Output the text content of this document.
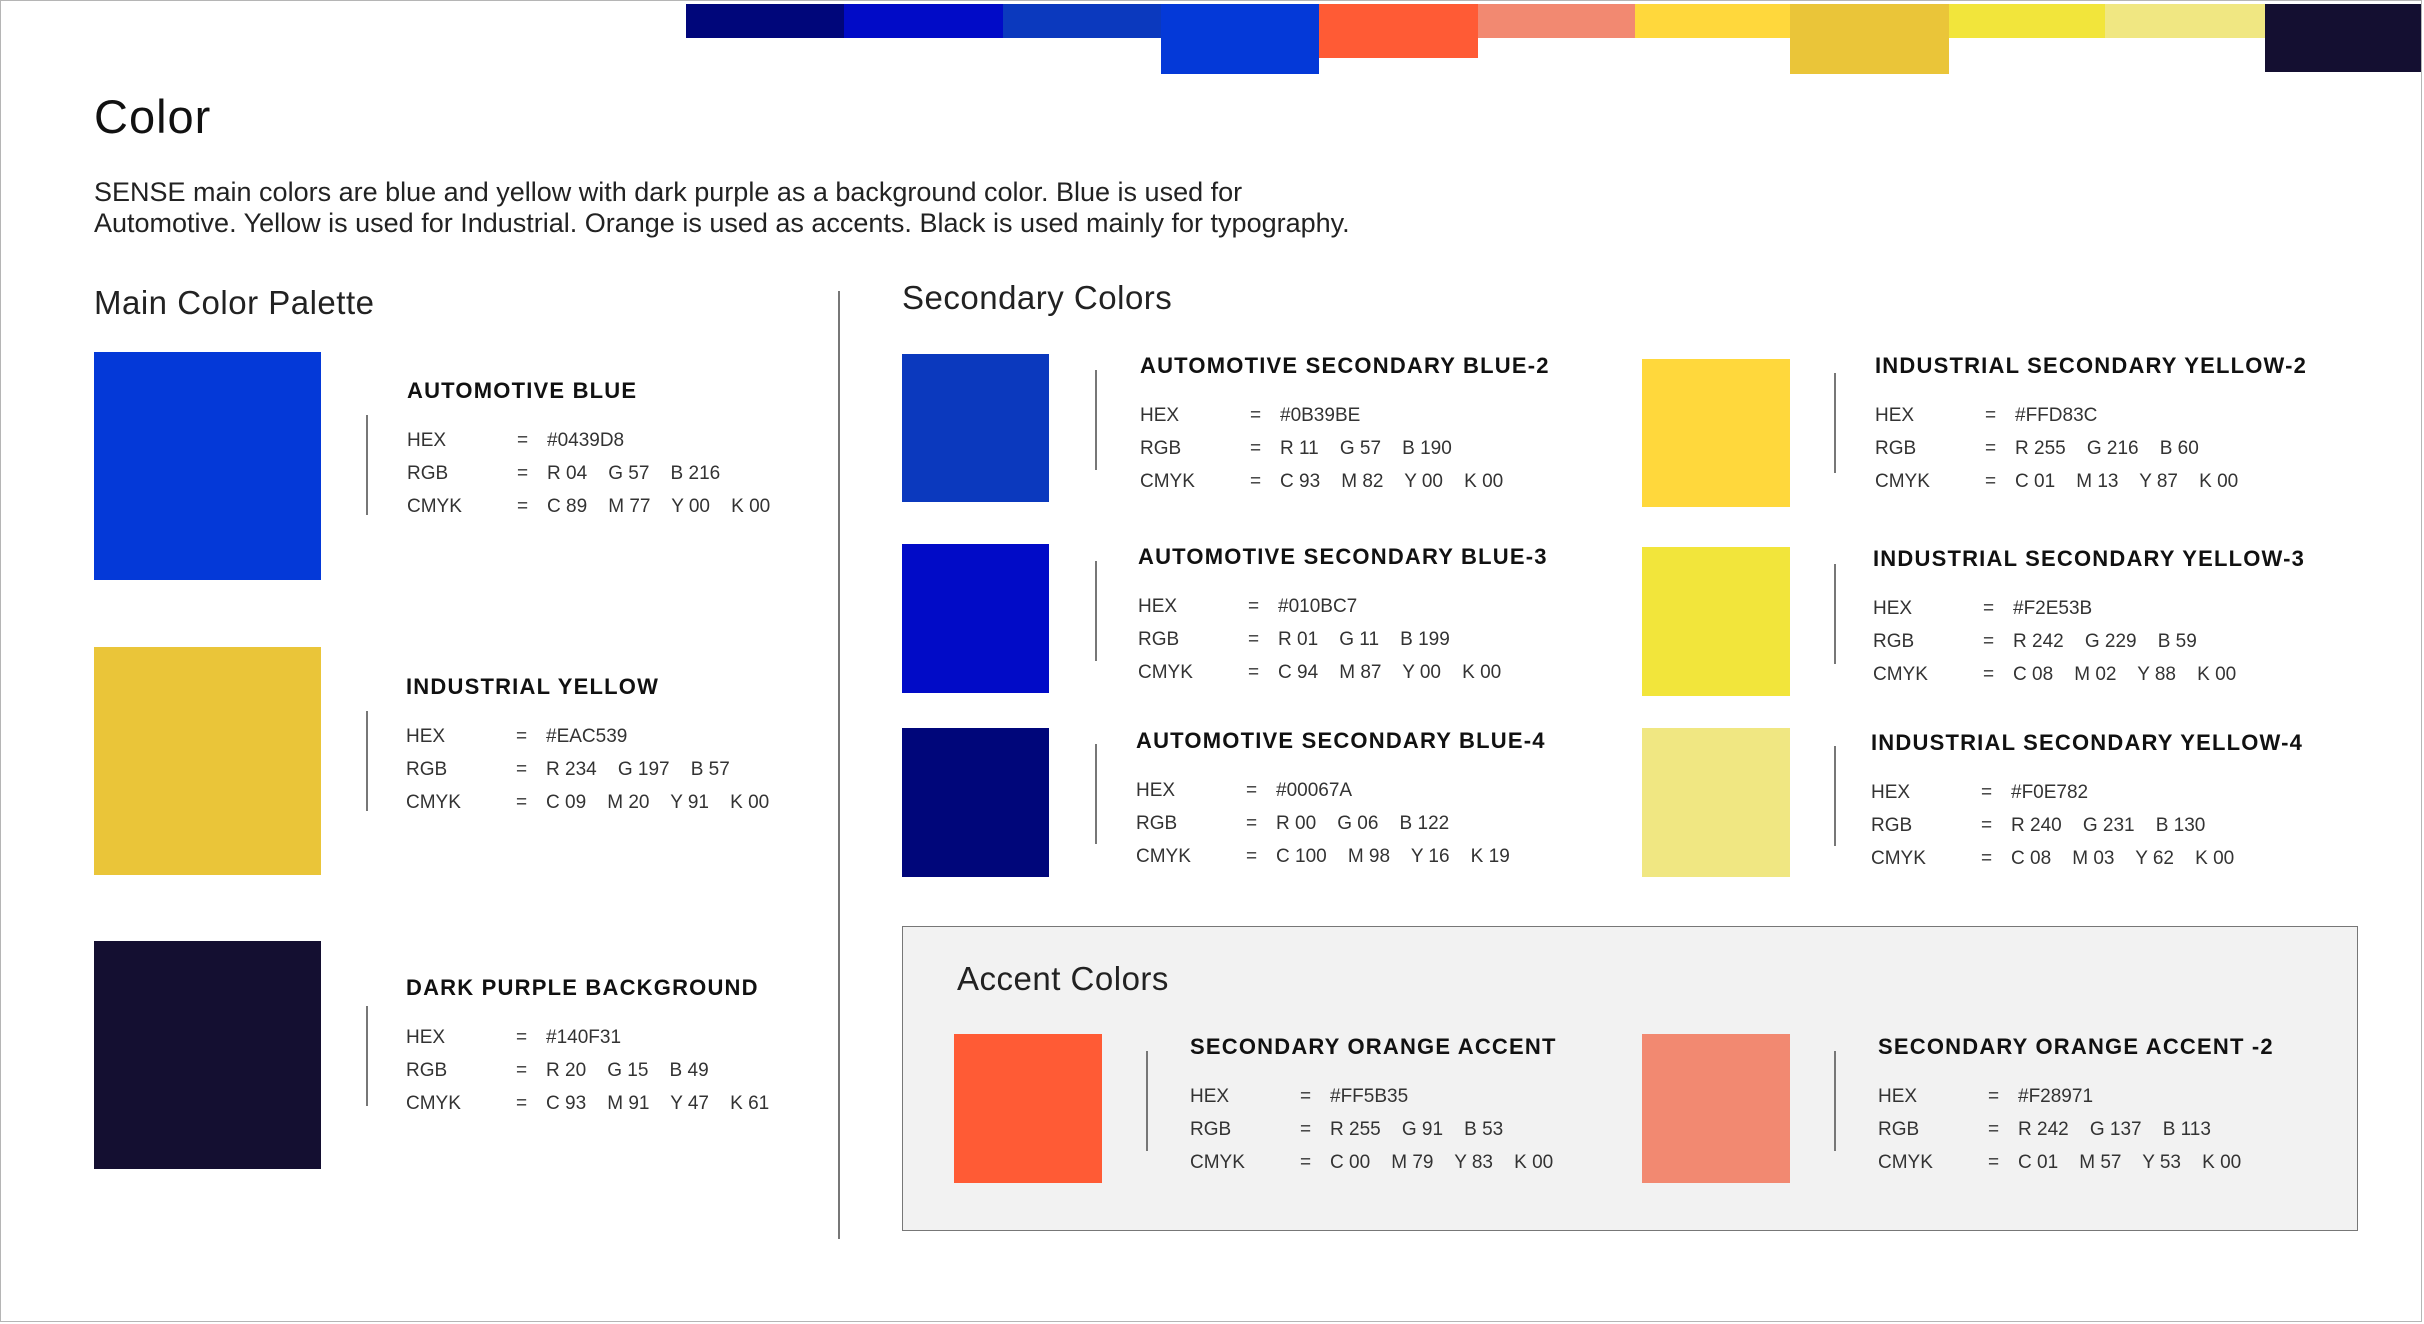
Color
SENSE main colors are blue and yellow with dark purple as a background color. Blue is used for
Automotive. Yellow is used for Industrial. Orange is used as accents. Black is used mainly for typography.
Main Color Palette	Secondary Colors
Accent Colors
AUTOMOTIVE BLUE
HEX	= #0439D8
RGB	= R 04    G 57    B 216
CMYK	= C 89    M 77    Y 00    K 00
INDUSTRIAL YELLOW
HEX	= #EAC539
RGB	= R 234    G 197    B 57
CMYK	= C 09    M 20    Y 91    K 00
DARK PURPLE BACKGROUND
HEX	= #140F31
RGB	= R 20    G 15    B 49
CMYK	= C 93    M 91    Y 47    K 61
AUTOMOTIVE SECONDARY BLUE-2
HEX	= #0B39BE
RGB	= R 11    G 57    B 190
CMYK	= C 93    M 82    Y 00    K 00
AUTOMOTIVE SECONDARY BLUE-3
HEX	= #010BC7
RGB	= R 01    G 11    B 199
CMYK	= C 94    M 87    Y 00    K 00
AUTOMOTIVE SECONDARY BLUE-4
HEX	= #00067A
RGB	= R 00    G 06    B 122
CMYK	= C 100    M 98    Y 16    K 19
INDUSTRIAL SECONDARY YELLOW-2
HEX	= #FFD83C
RGB	= R 255    G 216    B 60
CMYK	= C 01    M 13    Y 87    K 00
INDUSTRIAL SECONDARY YELLOW-3
HEX	= #F2E53B
RGB	= R 242    G 229    B 59
CMYK	= C 08    M 02    Y 88    K 00
INDUSTRIAL SECONDARY YELLOW-4
HEX	= #F0E782
RGB	= R 240    G 231    B 130
CMYK	= C 08    M 03    Y 62    K 00
SECONDARY ORANGE ACCENT
HEX	= #FF5B35
RGB	= R 255    G 91    B 53
CMYK	= C 00    M 79    Y 83    K 00
SECONDARY ORANGE ACCENT -2
HEX	= #F28971
RGB	= R 242    G 137    B 113
CMYK	= C 01    M 57    Y 53    K 00
